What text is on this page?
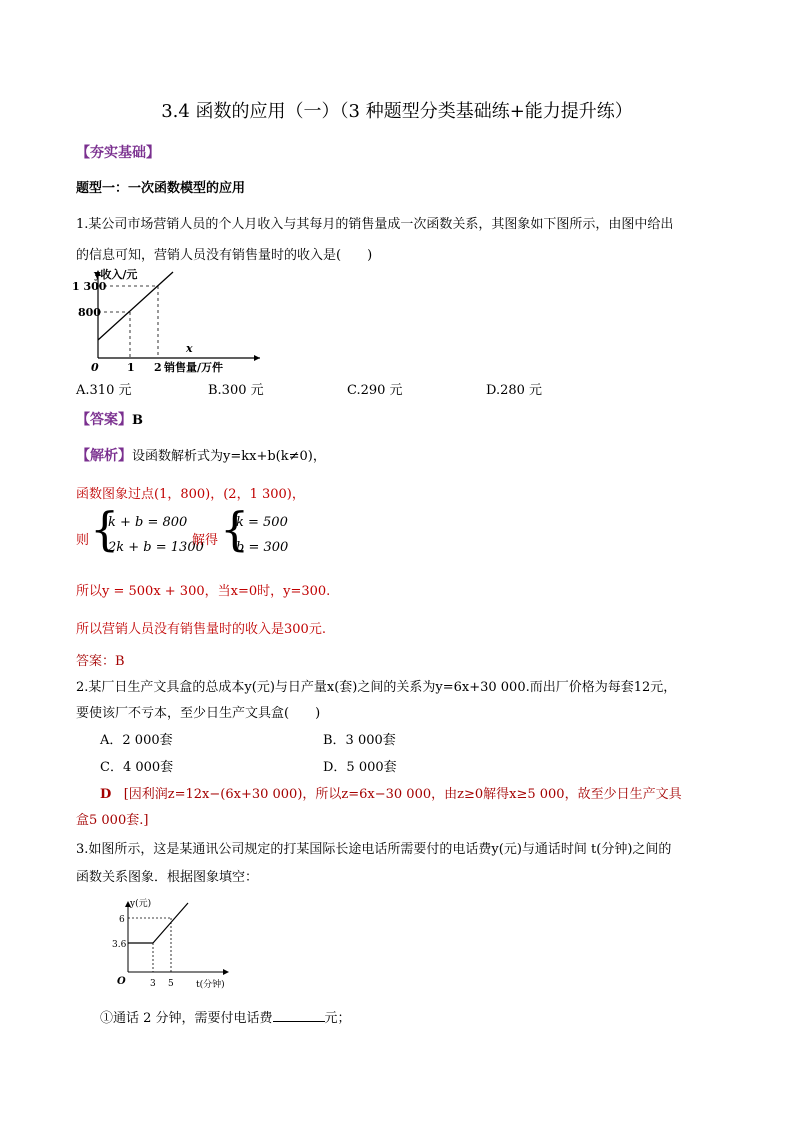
3.4 函数的应用（一）（3 种题型分类基础练+能力提升练）
【夯实基础】
题型一：一次函数模型的应用
1.某公司市场营销人员的个人月收入与其每月的销售量成一次函数关系，其图象如下图所示，由图中给出
的信息可知，营销人员没有销售量时的收入是(　　)
y收入/元
1 300
800
0	1 2 销售量/万件
x
A.310 元	B.300 元	C.290 元	D.280 元
【答案】B
【解析】设函数解析式为y=kx+b(k≠0)，
函数图象过点(1，800)，(2，1 300)，
则 {
k + b = 800
2k + b = 1300
解得 {
k = 500
b = 300
所以y = 500x + 300，当x=0时，y=300.
所以营销人员没有销售量时的收入是300元.
答案：B
2.某厂日生产文具盒的总成本y(元)与日产量x(套)之间的关系为y=6x+30 000.而出厂价格为每套12元，
要使该厂不亏本，至少日生产文具盒(　　)
A．2 000套	B．3 000套
C．4 000套	D．5 000套
D [因利润z=12x−(6x+30 000)，所以z=6x−30 000，由z≥0解得x≥5 000，故至少日生产文具
盒5 000套.]
3.如图所示，这是某通讯公司规定的打某国际长途电话所需要付的电话费y(元)与通话时间 t(分钟)之间的
函数关系图象．根据图象填空：
y(元)
6
3.6
O	3 5 t(分钟)
①通话 2 分钟，需要付电话费	元；
